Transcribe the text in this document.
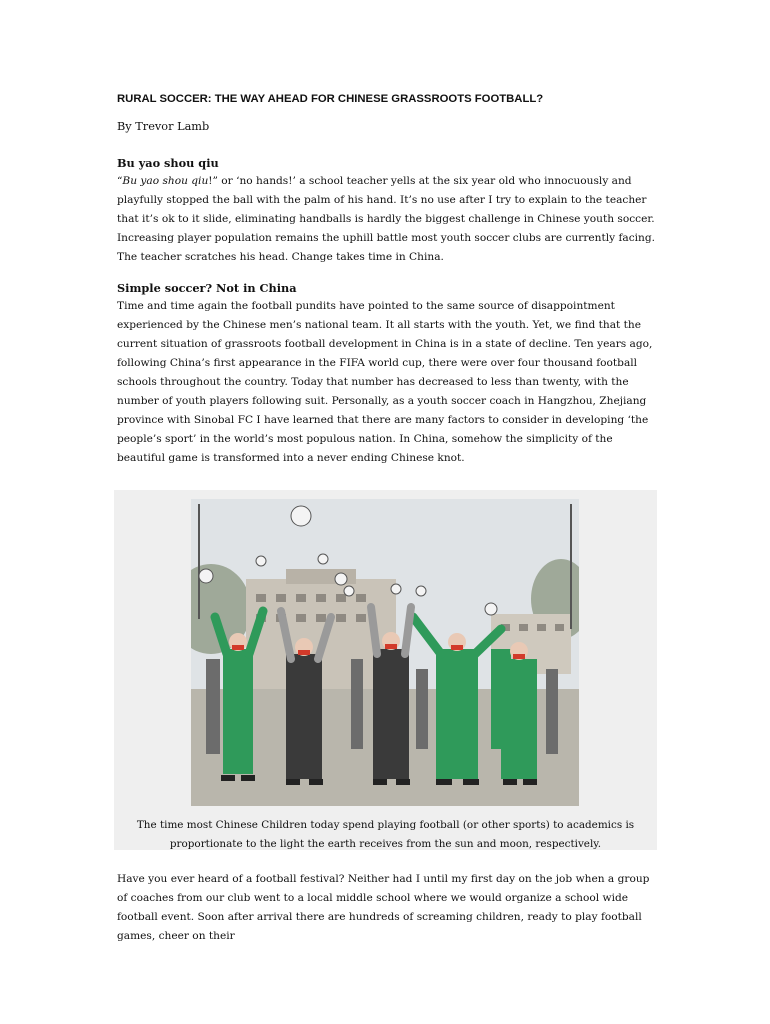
RURAL SOCCER: THE WAY AHEAD FOR CHINESE GRASSROOTS FOOTBALL?

By Trevor Lamb

Bu yao shou qiu

“Bu yao shou qiu!” or ‘no hands!’ a school teacher yells at the six year old who innocuously and playfully stopped the ball with the palm of his hand. It’s no use after I try to explain to the teacher that it’s ok to it slide, eliminating handballs is hardly the biggest challenge in Chinese youth soccer. Increasing player population remains the uphill battle most youth soccer clubs are currently facing. The teacher scratches his head. Change takes time in China.

Simple soccer? Not in China

Time and time again the football pundits have pointed to the same source of disappointment experienced by the Chinese men’s national team. It all starts with the youth. Yet, we find that the current situation of grassroots football development in China is in a state of decline. Ten years ago, following China’s first appearance in the FIFA world cup, there were over four thousand football schools throughout the country. Today that number has decreased to less than twenty, with the number of youth players following suit. Personally, as a youth soccer coach in Hangzhou, Zhejiang province with Sinobal FC I have learned that there are many factors to consider in developing ‘the people’s sport’ in the world’s most populous nation. In China, somehow the simplicity of the beautiful game is transformed into a never ending Chinese knot.

The time most Chinese Children today spend playing football (or other sports) to academics is proportionate to the light the earth receives from the sun and moon, respectively.

Have you ever heard of a football festival? Neither had I until my first day on the job when a group of coaches from our club went to a local middle school where we would organize a school wide football event. Soon after arrival there are hundreds of screaming children, ready to play football games, cheer on their
